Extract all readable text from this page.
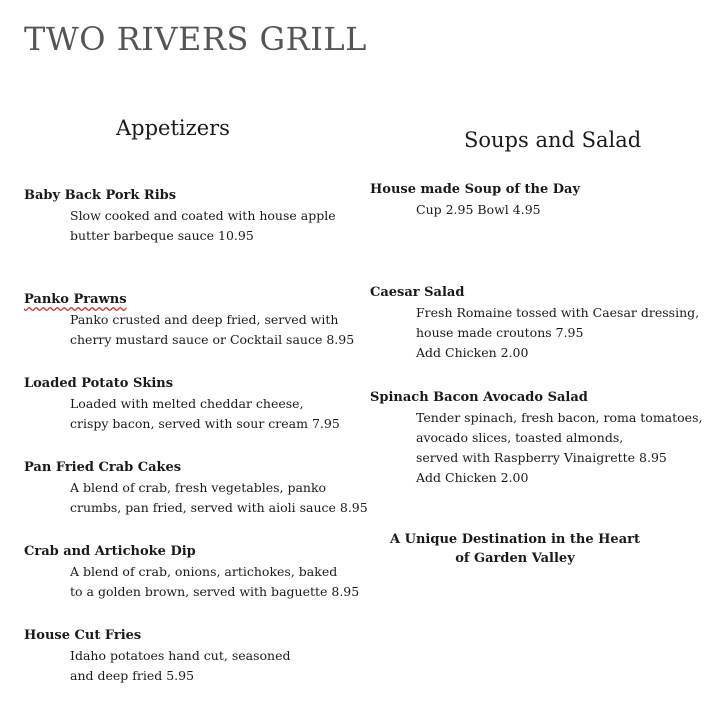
TWO RIVERS GRILL
Appetizers
Baby Back Pork Ribs
Slow cooked and coated with house apple
butter barbeque sauce 10.95
Panko Prawns
Panko crusted and deep fried, served with
cherry mustard sauce or Cocktail sauce 8.95
Loaded Potato Skins
Loaded with melted cheddar cheese,
crispy bacon, served with sour cream 7.95
Pan Fried Crab Cakes
A blend of crab, fresh vegetables, panko
crumbs, pan fried, served with aioli sauce 8.95
Crab and Artichoke Dip
A blend of crab, onions, artichokes, baked
to a golden brown, served with baguette 8.95
House Cut Fries
Idaho potatoes hand cut, seasoned
and deep fried 5.95
Soups and Salad
House made Soup of the Day
Cup 2.95 Bowl 4.95
Caesar Salad
Fresh Romaine tossed with Caesar dressing,
house made croutons 7.95
Add Chicken 2.00
Spinach Bacon Avocado Salad
Tender spinach, fresh bacon, roma tomatoes,
avocado slices, toasted almonds,
served with Raspberry Vinaigrette 8.95
Add Chicken 2.00
A Unique Destination in the Heart
of Garden Valley
